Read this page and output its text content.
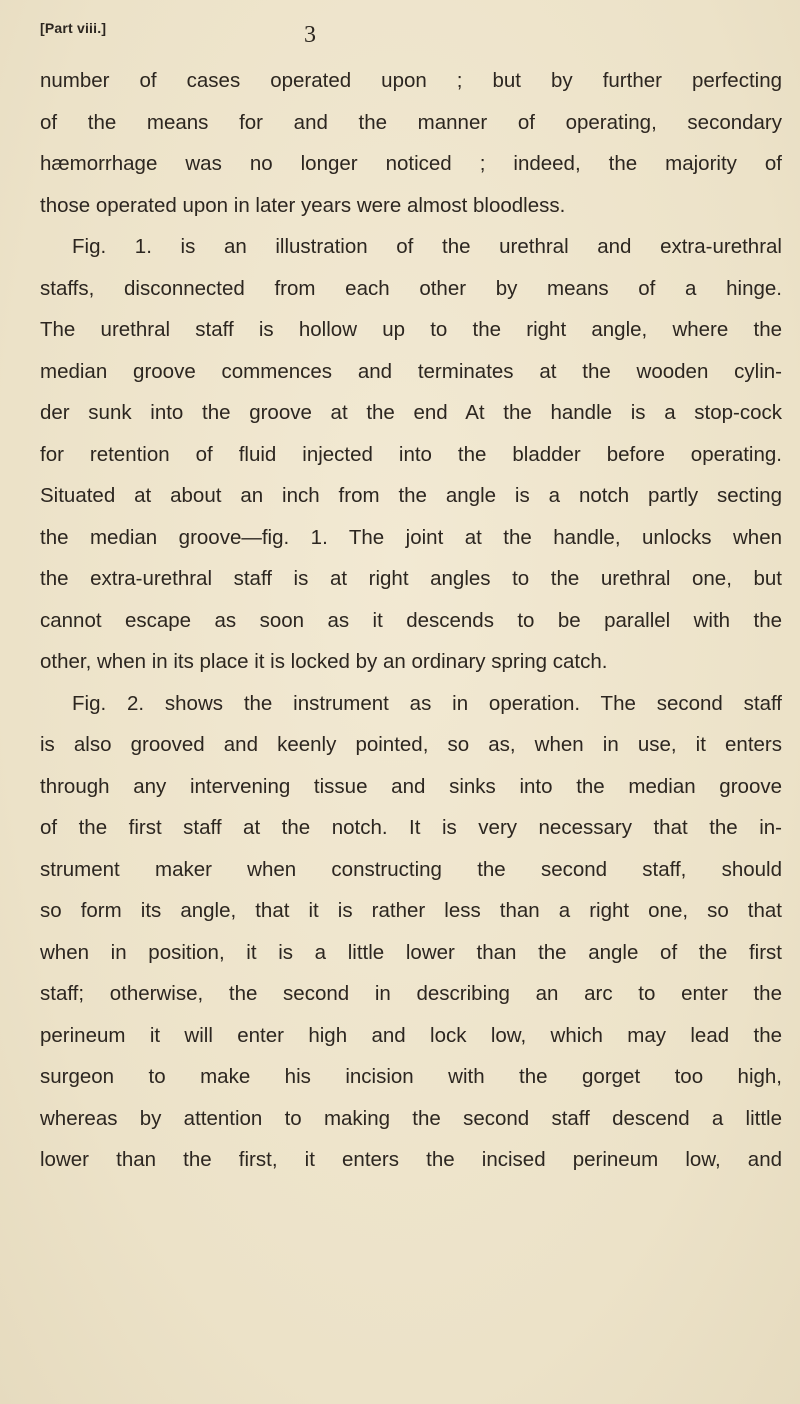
[Part viii.]	3
number of cases operated upon ; but by further perfecting
of the means for and the manner of operating, secondary
hæmorrhage was no longer noticed ; indeed, the majority of
those operated upon in later years were almost bloodless.
Fig. 1. is an illustration of the urethral and extra-urethral
staffs, disconnected from each other by means of a hinge.
The urethral staff is hollow up to the right angle, where the
median groove commences and terminates at the wooden cylin-
der sunk into the groove at the end At the handle is a stop-cock
for retention of fluid injected into the bladder before operating.
Situated at about an inch from the angle is a notch partly secting
the median groove—fig. 1. The joint at the handle, unlocks when
the extra-urethral staff is at right angles to the urethral one, but
cannot escape as soon as it descends to be parallel with the
other, when in its place it is locked by an ordinary spring catch.
Fig. 2. shows the instrument as in operation. The second staff
is also grooved and keenly pointed, so as, when in use, it enters
through any intervening tissue and sinks into the median groove
of the first staff at the notch. It is very necessary that the in-
strument maker when constructing the second staff, should
so form its angle, that it is rather less than a right one, so that
when in position, it is a little lower than the angle of the first
staff; otherwise, the second in describing an arc to enter the
perineum it will enter high and lock low, which may lead the
surgeon to make his incision with the gorget too high,
whereas by attention to making the second staff descend a little
lower than the first, it enters the incised perineum low, and
